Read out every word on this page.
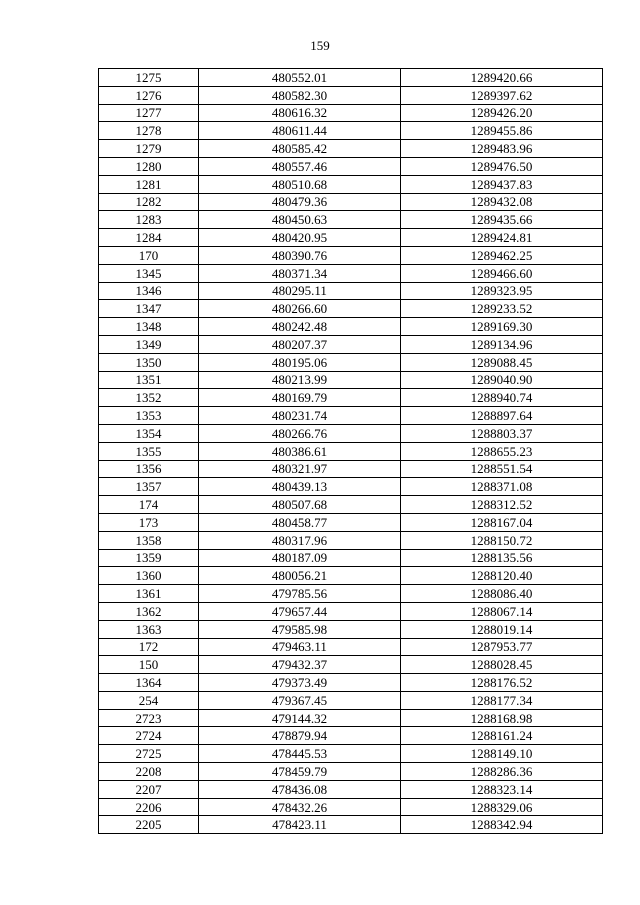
159
1275	480552.01	1289420.66
1276	480582.30	1289397.62
1277	480616.32	1289426.20
1278	480611.44	1289455.86
1279	480585.42	1289483.96
1280	480557.46	1289476.50
1281	480510.68	1289437.83
1282	480479.36	1289432.08
1283	480450.63	1289435.66
1284	480420.95	1289424.81
170	480390.76	1289462.25
1345	480371.34	1289466.60
1346	480295.11	1289323.95
1347	480266.60	1289233.52
1348	480242.48	1289169.30
1349	480207.37	1289134.96
1350	480195.06	1289088.45
1351	480213.99	1289040.90
1352	480169.79	1288940.74
1353	480231.74	1288897.64
1354	480266.76	1288803.37
1355	480386.61	1288655.23
1356	480321.97	1288551.54
1357	480439.13	1288371.08
174	480507.68	1288312.52
173	480458.77	1288167.04
1358	480317.96	1288150.72
1359	480187.09	1288135.56
1360	480056.21	1288120.40
1361	479785.56	1288086.40
1362	479657.44	1288067.14
1363	479585.98	1288019.14
172	479463.11	1287953.77
150	479432.37	1288028.45
1364	479373.49	1288176.52
254	479367.45	1288177.34
2723	479144.32	1288168.98
2724	478879.94	1288161.24
2725	478445.53	1288149.10
2208	478459.79	1288286.36
2207	478436.08	1288323.14
2206	478432.26	1288329.06
2205	478423.11	1288342.94
